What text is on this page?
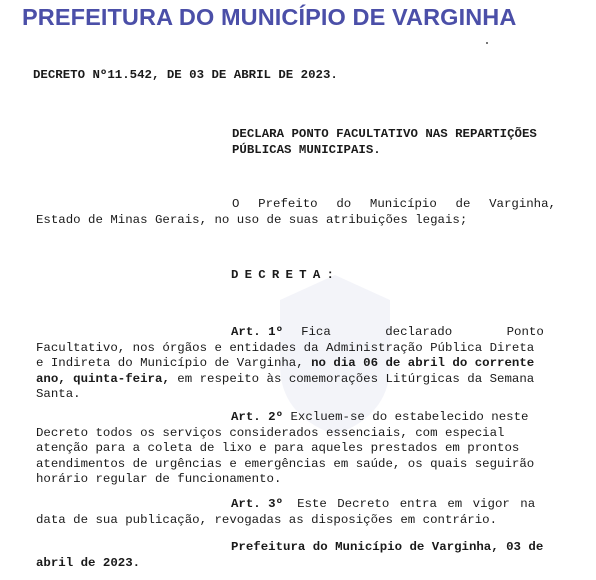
PREFEITURA DO MUNICÍPIO DE VARGINHA
DECRETO Nº11.542, DE 03 DE ABRIL DE 2023.
DECLARA PONTO FACULTATIVO NAS REPARTIÇÕES
PÚBLICAS MUNICIPAIS.
O Prefeito do Município de Varginha,
Estado de Minas Gerais, no uso de suas atribuições legais;
DECRETA:
Art. 1º Fica declarado Ponto
Facultativo, nos órgãos e entidades da Administração Pública Direta
e Indireta do Município de Varginha, no dia 06 de abril do corrente
ano, quinta-feira, em respeito às comemorações Litúrgicas da Semana
Santa.
Art. 2º Excluem-se do estabelecido neste
Decreto todos os serviços considerados essenciais, com especial
atenção para a coleta de lixo e para aqueles prestados em prontos
atendimentos de urgências e emergências em saúde, os quais seguirão
horário regular de funcionamento.
Art. 3º Este Decreto entra em vigor na
data de sua publicação, revogadas as disposições em contrário.
Prefeitura do Município de Varginha, 03 de
abril de 2023.
